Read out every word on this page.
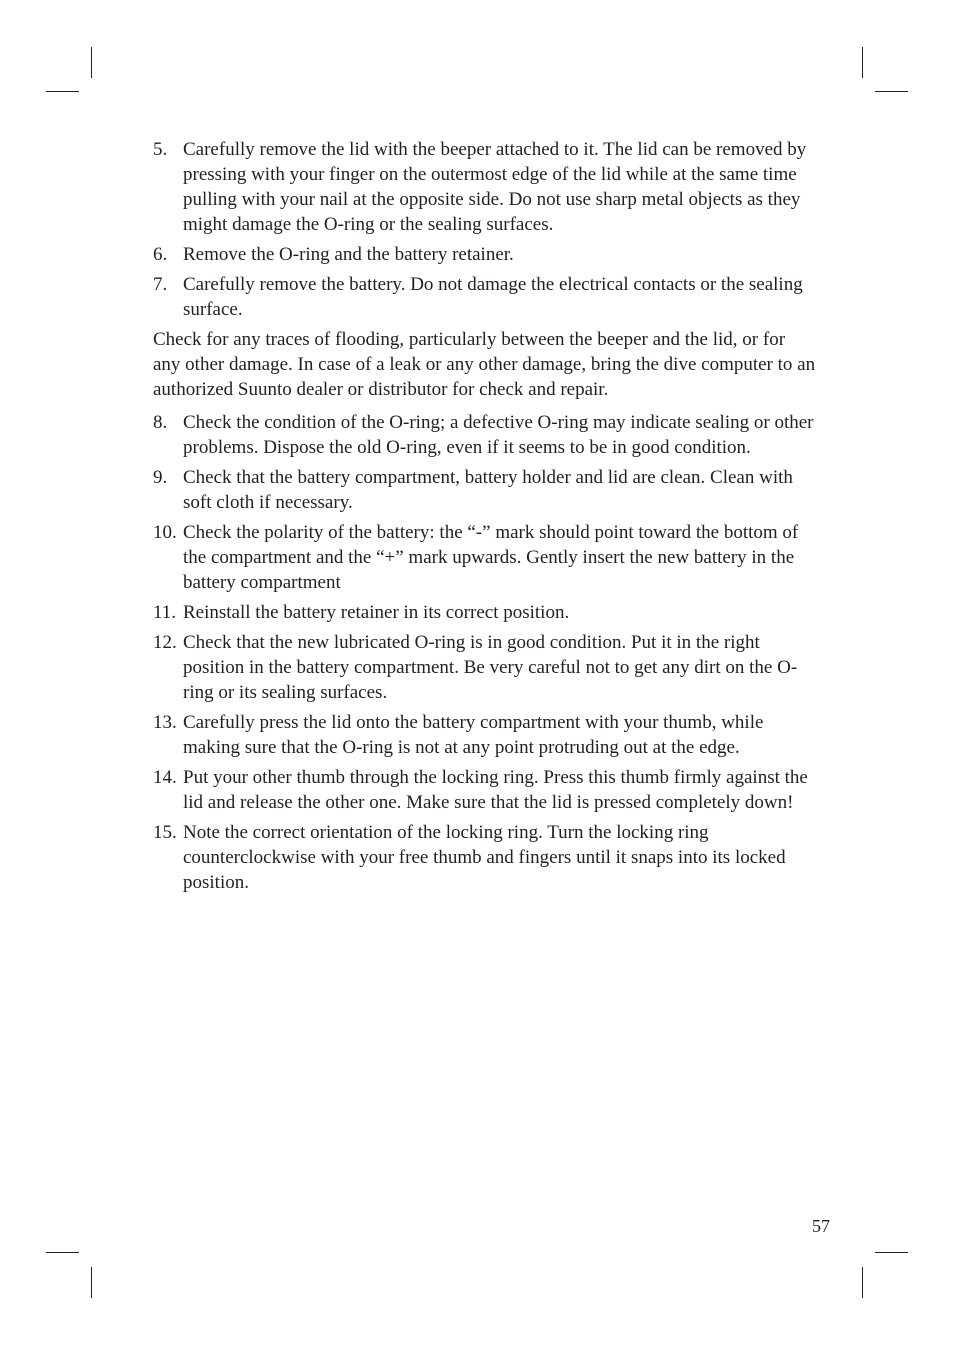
5. Carefully remove the lid with the beeper attached to it. The lid can be removed by pressing with your finger on the outermost edge of the lid while at the same time pulling with your nail at the opposite side. Do not use sharp metal objects as they might damage the O-ring or the sealing surfaces.
6. Remove the O-ring and the battery retainer.
7. Carefully remove the battery. Do not damage the electrical contacts or the sealing surface.

Check for any traces of flooding, particularly between the beeper and the lid, or for any other damage. In case of a leak or any other damage, bring the dive computer to an authorized Suunto dealer or distributor for check and repair.

8. Check the condition of the O-ring; a defective O-ring may indicate sealing or other problems. Dispose the old O-ring, even if it seems to be in good condition.
9. Check that the battery compartment, battery holder and lid are clean. Clean with soft cloth if necessary.
10. Check the polarity of the battery: the “-” mark should point toward the bottom of the compartment and the “+” mark upwards. Gently insert the new battery in the battery compartment
11. Reinstall the battery retainer in its correct position.
12. Check that the new lubricated O-ring is in good condition. Put it in the right position in the battery compartment. Be very careful not to get any dirt on the O-ring or its sealing surfaces.
13. Carefully press the lid onto the battery compartment with your thumb, while making sure that the O-ring is not at any point protruding out at the edge.
14. Put your other thumb through the locking ring. Press this thumb firmly against the lid and release the other one. Make sure that the lid is pressed completely down!
15. Note the correct orientation of the locking ring. Turn the locking ring counterclockwise with your free thumb and fingers until it snaps into its locked position.
57
